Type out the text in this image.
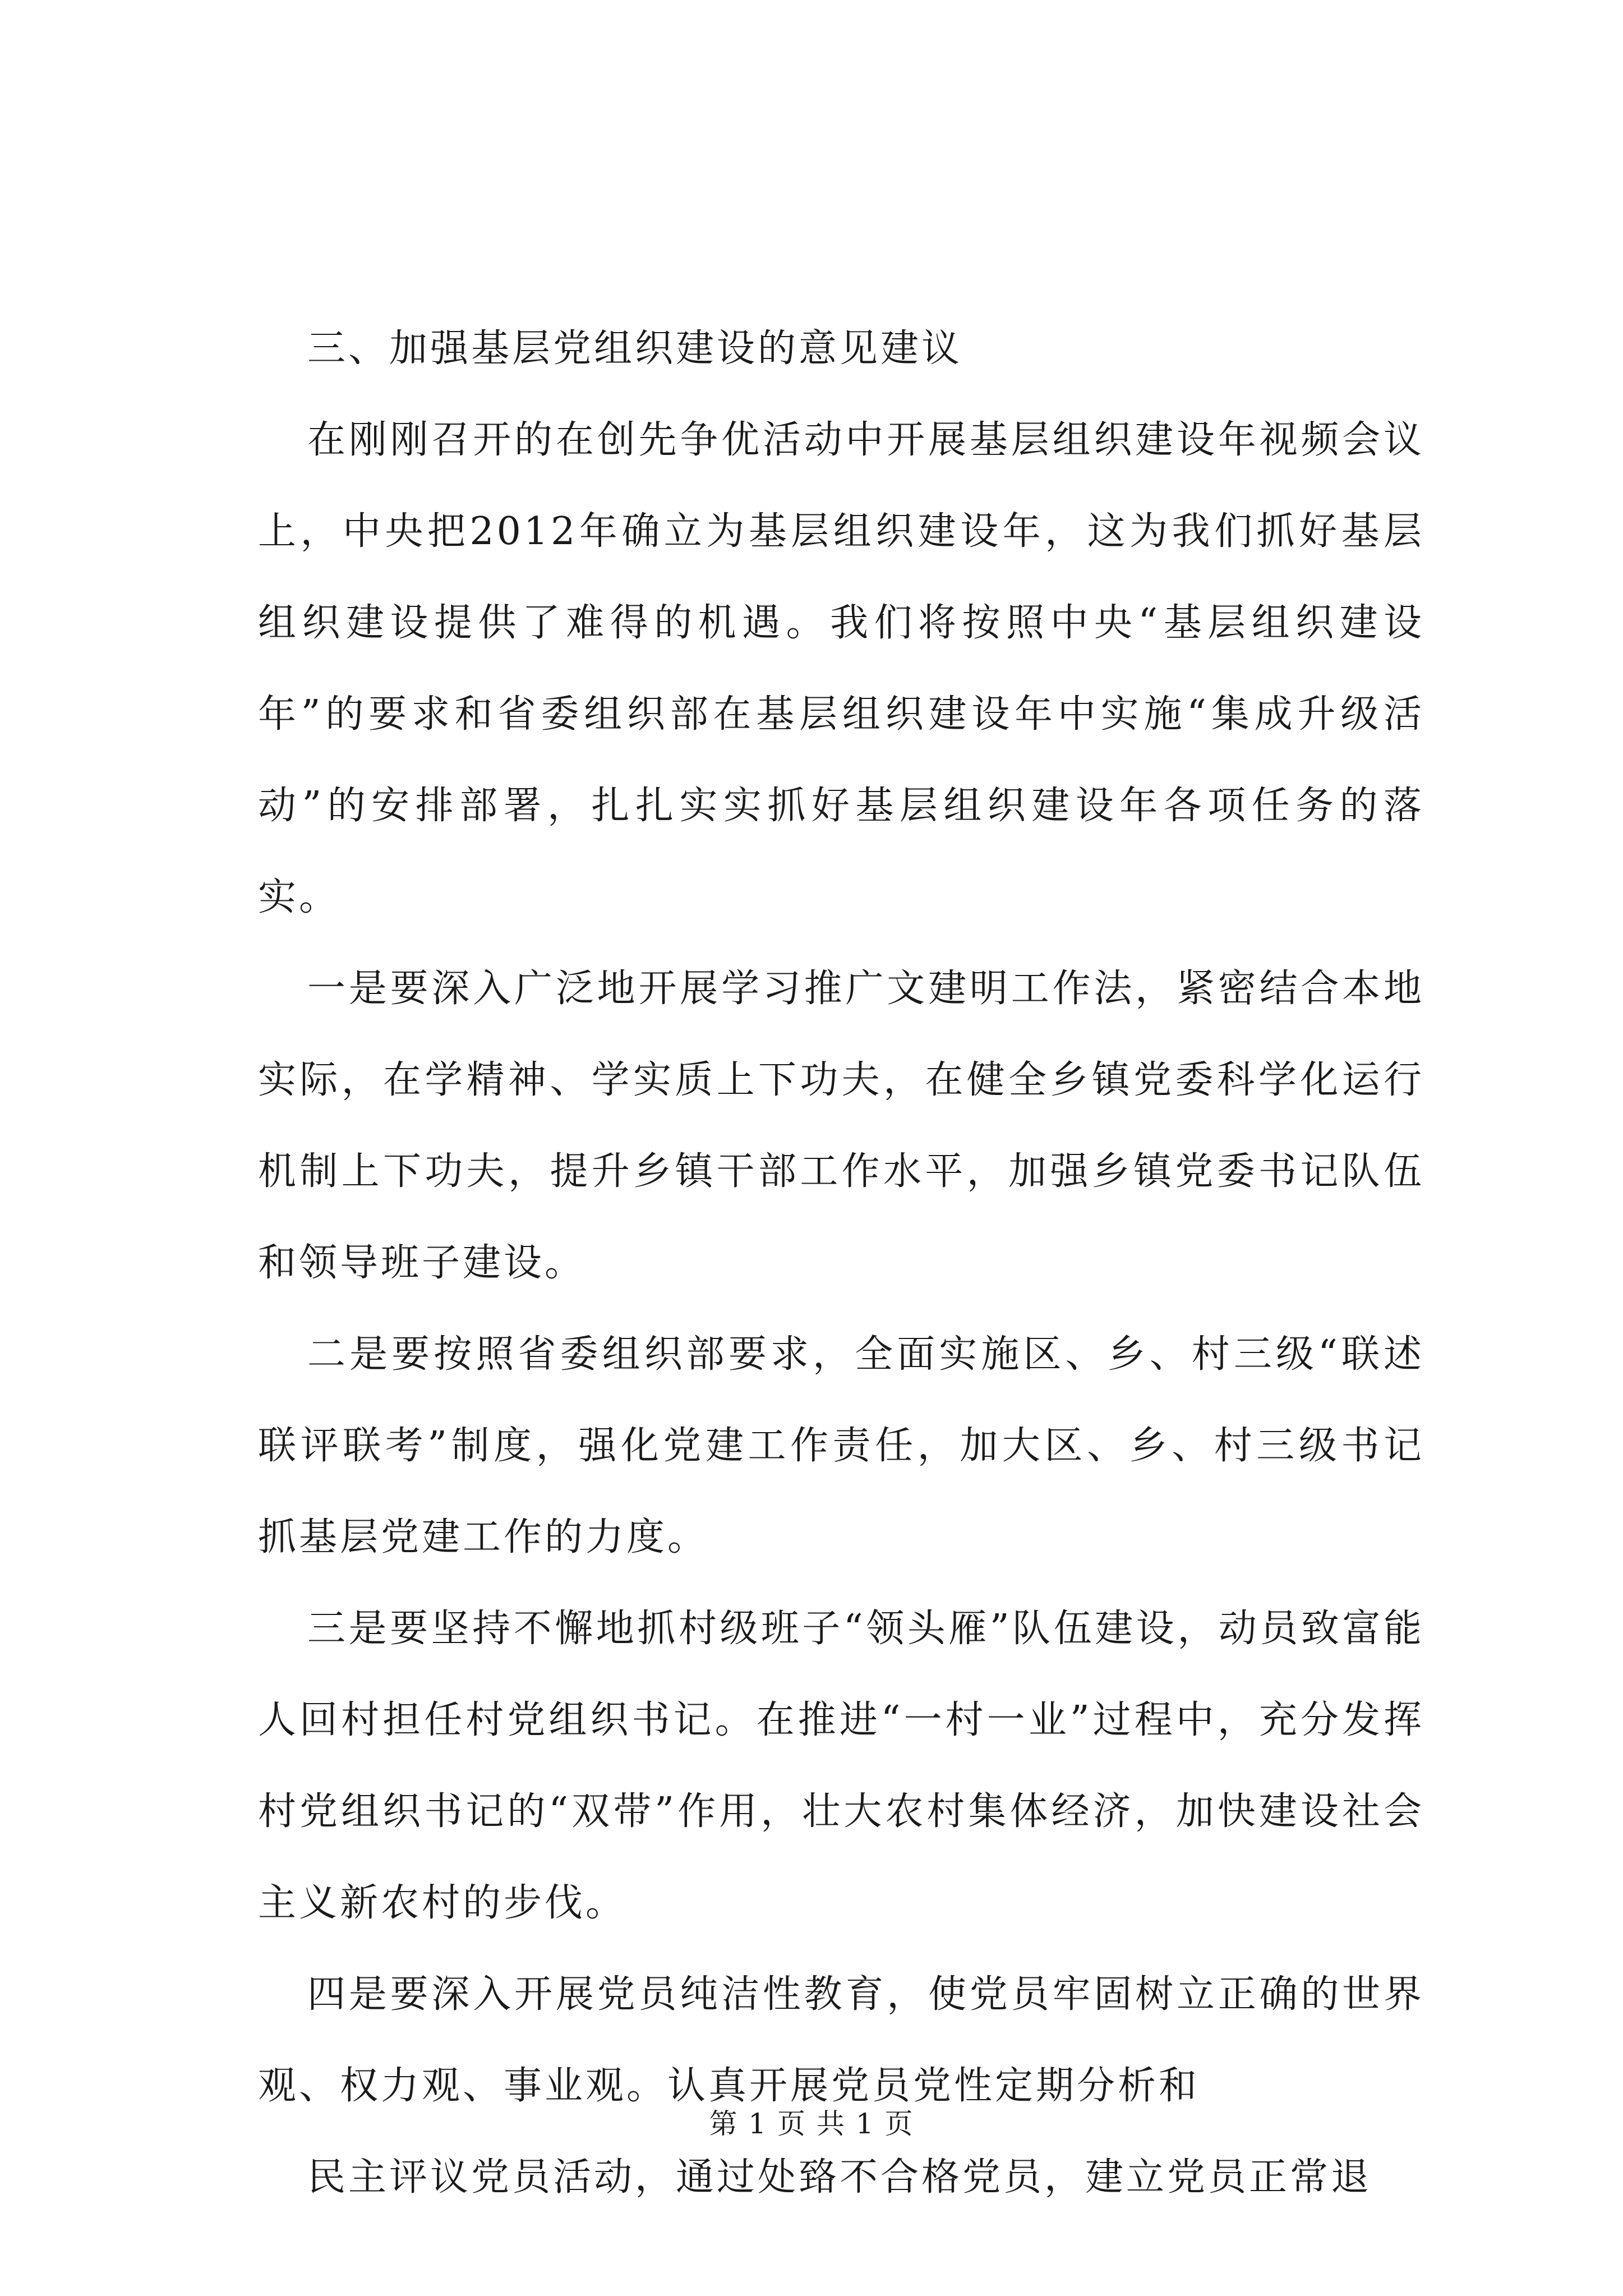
三、加强基层党组织建设的意见建议

在刚刚召开的在创先争优活动中开展基层组织建设年视频会议上，中央把2012年确立为基层组织建设年，这为我们抓好基层组织建设提供了难得的机遇。我们将按照中央“基层组织建设年”的要求和省委组织部在基层组织建设年中实施“集成升级活动”的安排部署，扎扎实实抓好基层组织建设年各项任务的落实。

一是要深入广泛地开展学习推广文建明工作法，紧密结合本地实际，在学精神、学实质上下功夫，在健全乡镇党委科学化运行机制上下功夫，提升乡镇干部工作水平，加强乡镇党委书记队伍和领导班子建设。

二是要按照省委组织部要求，全面实施区、乡、村三级“联述联评联考”制度，强化党建工作责任，加大区、乡、村三级书记抓基层党建工作的力度。

三是要坚持不懈地抓村级班子“领头雁”队伍建设，动员致富能人回村担任村党组织书记。在推进“一村一业”过程中，充分发挥村党组织书记的“双带”作用，壮大农村集体经济，加快建设社会主义新农村的步伐。

四是要深入开展党员纯洁性教育，使党员牢固树立正确的世界观、权力观、事业观。认真开展党员党性定期分析和

民主评议党员活动，通过处臵不合格党员，建立党员正常退

第 1 页 共 1 页
